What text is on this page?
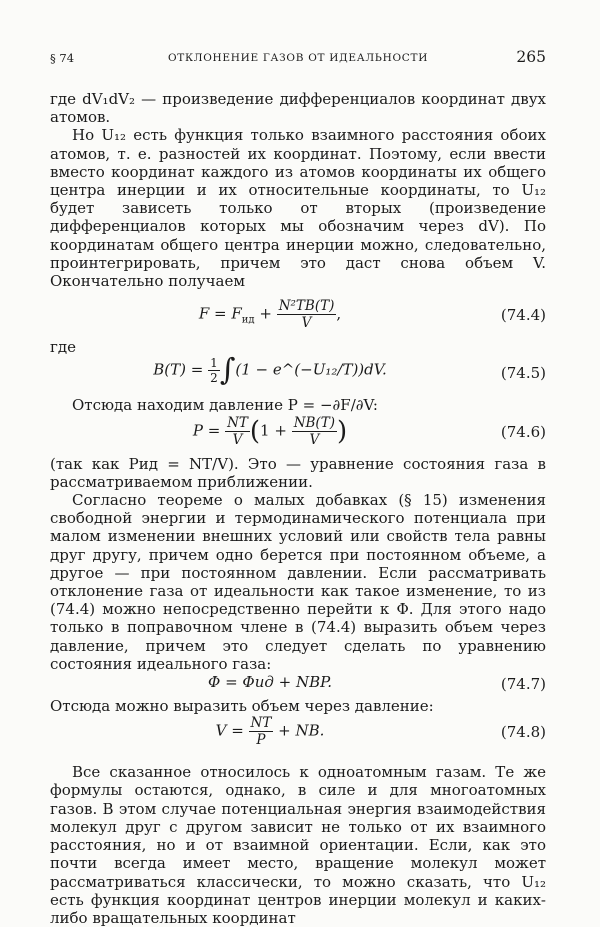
§ 74	ОТКЛОНЕНИЕ ГАЗОВ ОТ ИДЕАЛЬНОСТИ	265

где dV₁dV₂ — произведение дифференциалов координат двух атомов.

Но U₁₂ есть функция только взаимного расстояния обоих атомов, т. е. разностей их координат. Поэтому, если ввести вместо координат каждого из атомов координаты их общего центра инерции и их относительные координаты, то U₁₂ будет зависеть только от вторых (произведение дифференциалов которых мы обозначим через dV). По координатам общего центра инерции можно, следовательно, проинтегрировать, причем это даст снова объем V. Окончательно получаем

$F = F_{ид} + \frac{\text{N²TB(T)}}{V}$ ,	(74.4)

где

$B(T) = \frac{1}{2} \int(1$ − e^(−U₁₂/T))dV.	(74.5)

Отсюда находим давление P = −∂F/∂V:

$P = \frac{NT}{V} (1 + \frac{NB(T)}{V}$ )	(74.6)

(так как Pид = NT/V). Это — уравнение состояния газа в рассматриваемом приближении.

Согласно теореме о малых добавках (§ 15) изменения свободной энергии и термодинамического потенциала при малом изменении внешних условий или свойств тела равны друг другу, причем одно берется при постоянном объеме, а другое — при постоянном давлении. Если рассматривать отклонение газа от идеальности как такое изменение, то из (74.4) можно непосредственно перейти к Φ. Для этого надо только в поправочном члене в (74.4) выразить объем через давление, причем это следует сделать по уравнению состояния идеального газа:

Φ = Φид + NBP.	(74.7)

Отсюда можно выразить объем через давление:

$V = \frac{NT}{P}$ + NB.	(74.8)

Все сказанное относилось к одноатомным газам. Те же формулы остаются, однако, в силе и для многоатомных газов. В этом случае потенциальная энергия взаимодействия молекул друг с другом зависит не только от их взаимного расстояния, но и от взаимной ориентации. Если, как это почти всегда имеет место, вращение молекул может рассматриваться классически, то можно сказать, что U₁₂ есть функция координат центров инерции молекул и каких-либо вращательных координат
